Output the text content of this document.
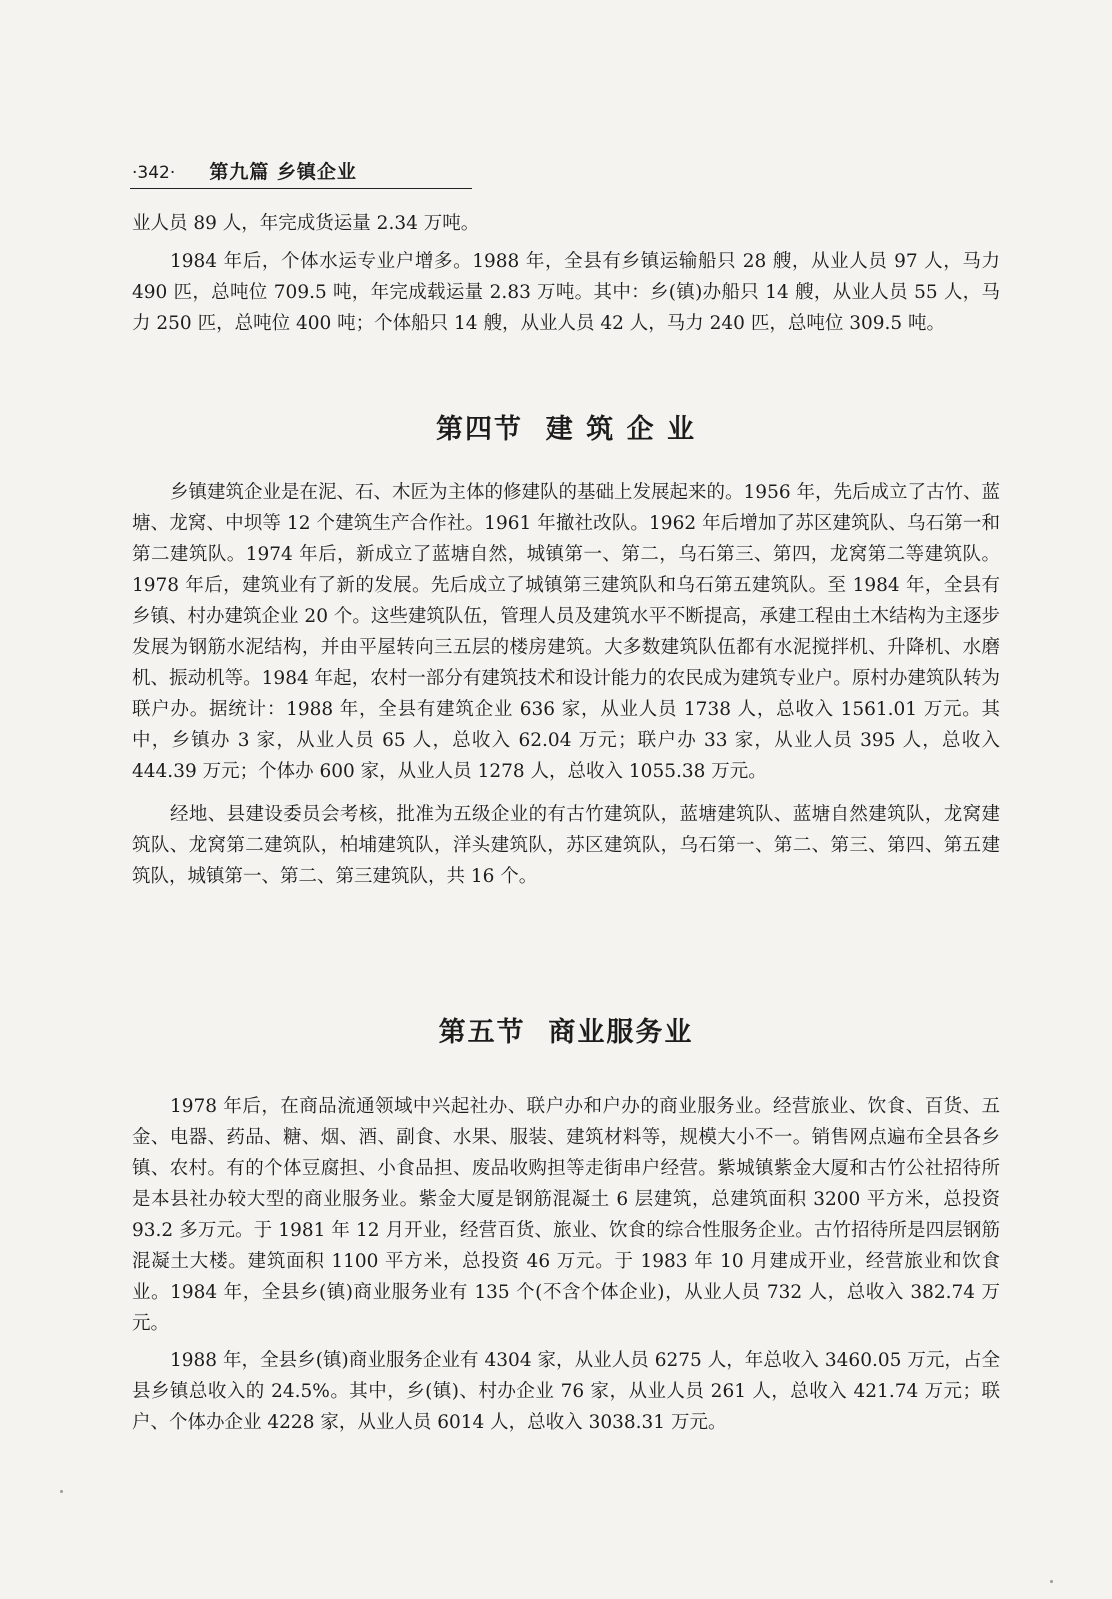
·342· 第九篇 乡镇企业

业人员 89 人，年完成货运量 2.34 万吨。

1984 年后，个体水运专业户增多。1988 年，全县有乡镇运输船只 28 艘，从业人员 97 人，马力 490 匹，总吨位 709.5 吨，年完成载运量 2.83 万吨。其中：乡(镇)办船只 14 艘，从业人员 55 人，马力 250 匹，总吨位 400 吨；个体船只 14 艘，从业人员 42 人，马力 240 匹，总吨位 309.5 吨。

第四节  建 筑 企 业

乡镇建筑企业是在泥、石、木匠为主体的修建队的基础上发展起来的。1956 年，先后成立了古竹、蓝塘、龙窝、中坝等 12 个建筑生产合作社。1961 年撤社改队。1962 年后增加了苏区建筑队、乌石第一和第二建筑队。1974 年后，新成立了蓝塘自然，城镇第一、第二，乌石第三、第四，龙窝第二等建筑队。1978 年后，建筑业有了新的发展。先后成立了城镇第三建筑队和乌石第五建筑队。至 1984 年，全县有乡镇、村办建筑企业 20 个。这些建筑队伍，管理人员及建筑水平不断提高，承建工程由土木结构为主逐步发展为钢筋水泥结构，并由平屋转向三五层的楼房建筑。大多数建筑队伍都有水泥搅拌机、升降机、水磨机、振动机等。1984 年起，农村一部分有建筑技术和设计能力的农民成为建筑专业户。原村办建筑队转为联户办。据统计：1988 年，全县有建筑企业 636 家，从业人员 1738 人，总收入 1561.01 万元。其中，乡镇办 3 家，从业人员 65 人，总收入 62.04 万元；联户办 33 家，从业人员 395 人，总收入 444.39 万元；个体办 600 家，从业人员 1278 人，总收入 1055.38 万元。

经地、县建设委员会考核，批准为五级企业的有古竹建筑队，蓝塘建筑队、蓝塘自然建筑队，龙窝建筑队、龙窝第二建筑队，柏埔建筑队，洋头建筑队，苏区建筑队，乌石第一、第二、第三、第四、第五建筑队，城镇第一、第二、第三建筑队，共 16 个。

第五节  商业服务业

1978 年后，在商品流通领域中兴起社办、联户办和户办的商业服务业。经营旅业、饮食、百货、五金、电器、药品、糖、烟、酒、副食、水果、服装、建筑材料等，规模大小不一。销售网点遍布全县各乡镇、农村。有的个体豆腐担、小食品担、废品收购担等走街串户经营。紫城镇紫金大厦和古竹公社招待所是本县社办较大型的商业服务业。紫金大厦是钢筋混凝土 6 层建筑，总建筑面积 3200 平方米，总投资 93.2 多万元。于 1981 年 12 月开业，经营百货、旅业、饮食的综合性服务企业。古竹招待所是四层钢筋混凝土大楼。建筑面积 1100 平方米，总投资 46 万元。于 1983 年 10 月建成开业，经营旅业和饮食业。1984 年，全县乡(镇)商业服务业有 135 个(不含个体企业)，从业人员 732 人，总收入 382.74 万元。

1988 年，全县乡(镇)商业服务企业有 4304 家，从业人员 6275 人，年总收入 3460.05 万元，占全县乡镇总收入的 24.5%。其中，乡(镇)、村办企业 76 家，从业人员 261 人，总收入 421.74 万元；联户、个体办企业 4228 家，从业人员 6014 人，总收入 3038.31 万元。
